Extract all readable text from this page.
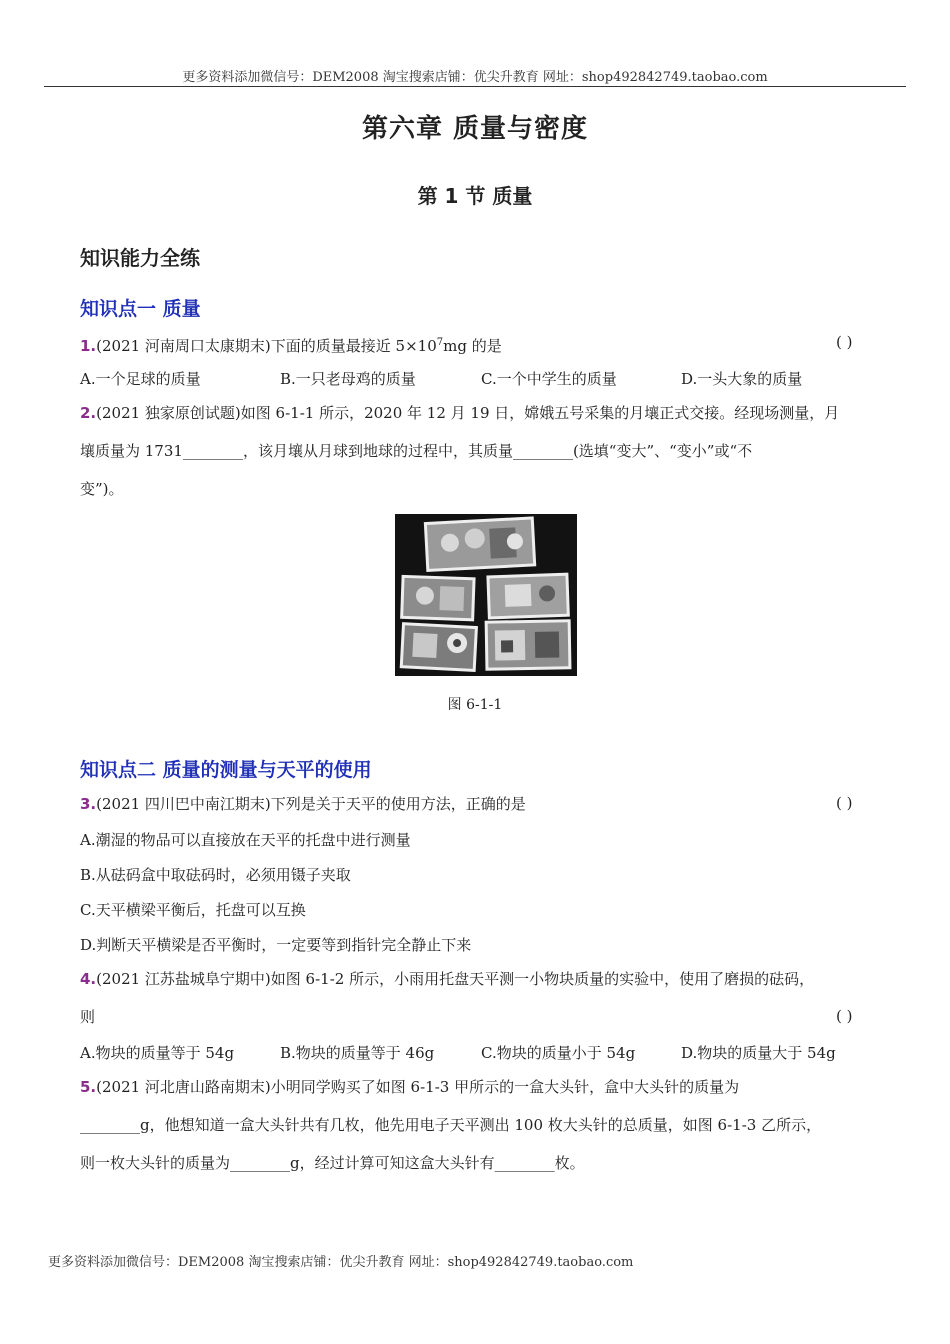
更多资料添加微信号：DEM2008 淘宝搜索店铺：优尖升教育 网址：shop492842749.taobao.com
第六章 质量与密度
第 1 节 质量
知识能力全练
知识点一 质量
1.(2021 河南周口太康期末)下面的质量最接近 $5\times 10^7mg$ 的是	( )
A.一个足球的质量	B.一只老母鸡的质量	C.一个中学生的质量	D.一头大象的质量
2.(2021 独家原创试题)如图 6-1-1 所示，2020 年 12 月 19 日，嫦娥五号采集的月壤正式交接。经现场测量，月
壤质量为 1731________，该月壤从月球到地球的过程中，其质量________(选填“变大”、“变小”或“不
变”)。
图 6-1-1
知识点二 质量的测量与天平的使用
3.(2021 四川巴中南江期末)下列是关于天平的使用方法，正确的是	( )
A.潮湿的物品可以直接放在天平的托盘中进行测量
B.从砝码盒中取砝码时，必须用镊子夹取
C.天平横梁平衡后，托盘可以互换
D.判断天平横梁是否平衡时，一定要等到指针完全静止下来
4.(2021 江苏盐城阜宁期中)如图 6-1-2 所示，小雨用托盘天平测一小物块质量的实验中，使用了磨损的砝码，
则	( )
A.物块的质量等于 54g	B.物块的质量等于 46g	C.物块的质量小于 54g	D.物块的质量大于 54g
5.(2021 河北唐山路南期末)小明同学购买了如图 6-1-3 甲所示的一盒大头针，盒中大头针的质量为
________g，他想知道一盒大头针共有几枚，他先用电子天平测出 100 枚大头针的总质量，如图 6-1-3 乙所示，
则一枚大头针的质量为________g，经过计算可知这盒大头针有________枚。
更多资料添加微信号：DEM2008 淘宝搜索店铺：优尖升教育 网址：shop492842749.taobao.com
